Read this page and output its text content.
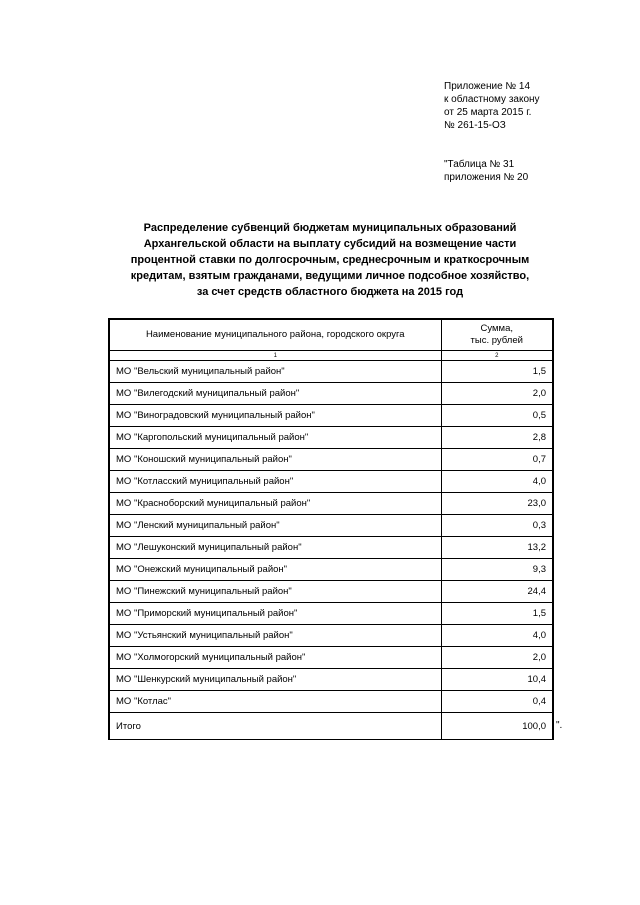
Приложение № 14
к областному закону
от 25 марта 2015 г.
№ 261-15-ОЗ
"Таблица № 31
приложения № 20
Распределение субвенций бюджетам муниципальных образований
Архангельской области на выплату субсидий на возмещение части
процентной ставки по долгосрочным, среднесрочным и краткосрочным
кредитам, взятым гражданами, ведущими личное подсобное хозяйство,
за счет средств областного бюджета на 2015 год
Наименование муниципального района, городского округа	Сумма,
тыс. рублей

1	2
МО "Вельский муниципальный район"	1,5
МО "Вилегодский муниципальный район"	2,0
МО "Виноградовский муниципальный район"	0,5
МО "Каргопольский муниципальный район"	2,8
МО "Коношский муниципальный район"	0,7
МО "Котласский муниципальный район"	4,0
МО "Красноборский муниципальный район"	23,0
МО "Ленский муниципальный район"	0,3
МО "Лешуконский муниципальный район"	13,2
МО "Онежский муниципальный район"	9,3
МО "Пинежский муниципальный район"	24,4
МО "Приморский муниципальный район"	1,5
МО "Устьянский муниципальный район"	4,0
МО "Холмогорский муниципальный район"	2,0
МО "Шенкурский муниципальный район"	10,4
МО "Котлас"	0,4
Итого	100,0 ".
